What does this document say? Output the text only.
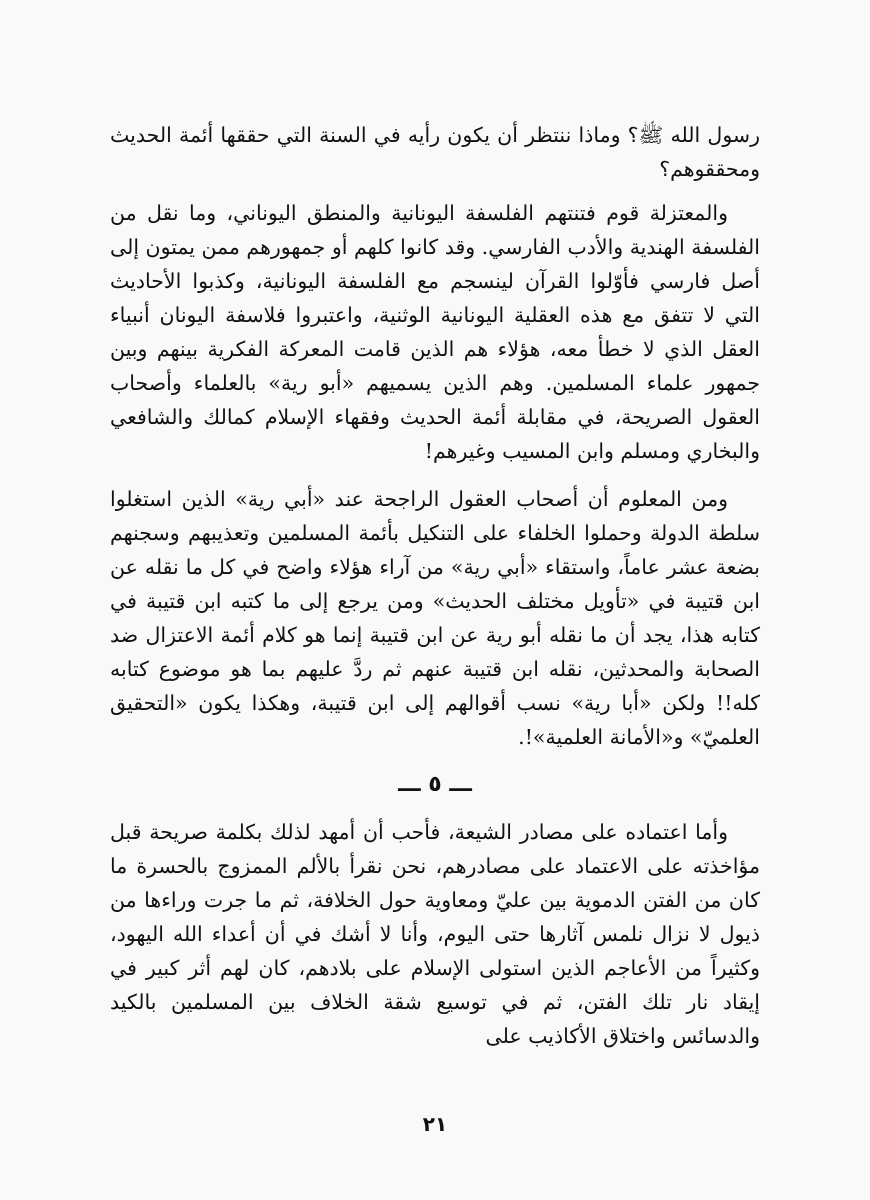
رسول الله ﷺ؟ وماذا ننتظر أن يكون رأيه في السنة التي حققها أئمة الحديث ومحققوهم؟

والمعتزلة قوم فتنتهم الفلسفة اليونانية والمنطق اليوناني، وما نقل من الفلسفة الهندية والأدب الفارسي. وقد كانوا كلهم أو جمهورهم ممن يمتون إلى أصل فارسي فأوّلوا القرآن لينسجم مع الفلسفة اليونانية، وكذبوا الأحاديث التي لا تتفق مع هذه العقلية اليونانية الوثنية، واعتبروا فلاسفة اليونان أنبياء العقل الذي لا خطأ معه، هؤلاء هم الذين قامت المعركة الفكرية بينهم وبين جمهور علماء المسلمين. وهم الذين يسميهم «أبو رية» بالعلماء وأصحاب العقول الصريحة، في مقابلة أئمة الحديث وفقهاء الإسلام كمالك والشافعي والبخاري ومسلم وابن المسيب وغيرهم!

ومن المعلوم أن أصحاب العقول الراجحة عند «أبي رية» الذين استغلوا سلطة الدولة وحملوا الخلفاء على التنكيل بأئمة المسلمين وتعذيبهم وسجنهم بضعة عشر عاماً، واستقاء «أبي رية» من آراء هؤلاء واضح في كل ما نقله عن ابن قتيبة في «تأويل مختلف الحديث» ومن يرجع إلى ما كتبه ابن قتيبة في كتابه هذا، يجد أن ما نقله أبو رية عن ابن قتيبة إنما هو كلام أئمة الاعتزال ضد الصحابة والمحدثين، نقله ابن قتيبة عنهم ثم ردَّ عليهم بما هو موضوع كتابه كله!! ولكن «أبا رية» نسب أقوالهم إلى ابن قتيبة، وهكذا يكون «التحقيق العلميّ» و«الأمانة العلمية»!.

ـــ ٥ ـــ

وأما اعتماده على مصادر الشيعة، فأحب أن أمهد لذلك بكلمة صريحة قبل مؤاخذته على الاعتماد على مصادرهم، نحن نقرأ بالألم الممزوج بالحسرة ما كان من الفتن الدموية بين عليّ ومعاوية حول الخلافة، ثم ما جرت وراءها من ذيول لا نزال نلمس آثارها حتى اليوم، وأنا لا أشك في أن أعداء الله اليهود، وكثيراً من الأعاجم الذين استولى الإسلام على بلادهم، كان لهم أثر كبير في إيقاد نار تلك الفتن، ثم في توسيع شقة الخلاف بين المسلمين بالكيد والدسائس واختلاق الأكاذيب على

٢١
